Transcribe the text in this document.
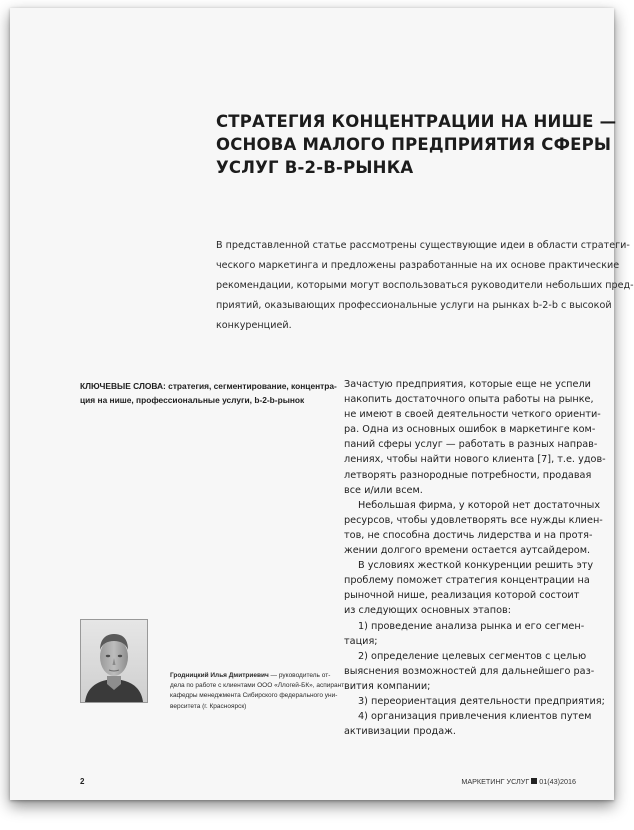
СТРАТЕГИЯ КОНЦЕНТРАЦИИ НА НИШЕ —
ОСНОВА МАЛОГО ПРЕДПРИЯТИЯ СФЕРЫ
УСЛУГ В-2-В-РЫНКА
В представленной статье рассмотрены существующие идеи в области стратеги-
ческого маркетинга и предложены разработанные на их основе практические
рекомендации, которыми могут воспользоваться руководители небольших пред-
приятий, оказывающих профессиональные услуги на рынках b-2-b с высокой
конкуренцией.
КЛЮЧЕВЫЕ СЛОВА: стратегия, сегментирование, концентра-
ция на нише, профессиональные услуги, b-2-b-рынок
Зачастую предприятия, которые еще не успели
накопить достаточного опыта работы на рынке,
не имеют в своей деятельности четкого ориенти-
ра. Одна из основных ошибок в маркетинге ком-
паний сферы услуг — работать в разных направ-
лениях, чтобы найти нового клиента [7], т.е. удов-
летворять разнородные потребности, продавая
все и/или всем.
Небольшая фирма, у которой нет достаточных
ресурсов, чтобы удовлетворять все нужды клиен-
тов, не способна достичь лидерства и на протя-
жении долгого времени остается аутсайдером.
В условиях жесткой конкуренции решить эту
проблему поможет стратегия концентрации на
рыночной нише, реализация которой состоит
из следующих основных этапов:
1) проведение анализа рынка и его сегмен-
тация;
2) определение целевых сегментов с целью
выяснения возможностей для дальнейшего раз-
вития компании;
3) переориентация деятельности предприятия;
4) организация привлечения клиентов путем
активизации продаж.
Гродницкий Илья Дмитриевич — руководитель от-
дела по работе с клиентами ООО «Ллогей-БК», аспирант
кафедры менеджмента Сибирского федерального уни-
верситета (г. Красноярск)
2	МАРКЕТИНГ УСЛУГ 01(43)2016
